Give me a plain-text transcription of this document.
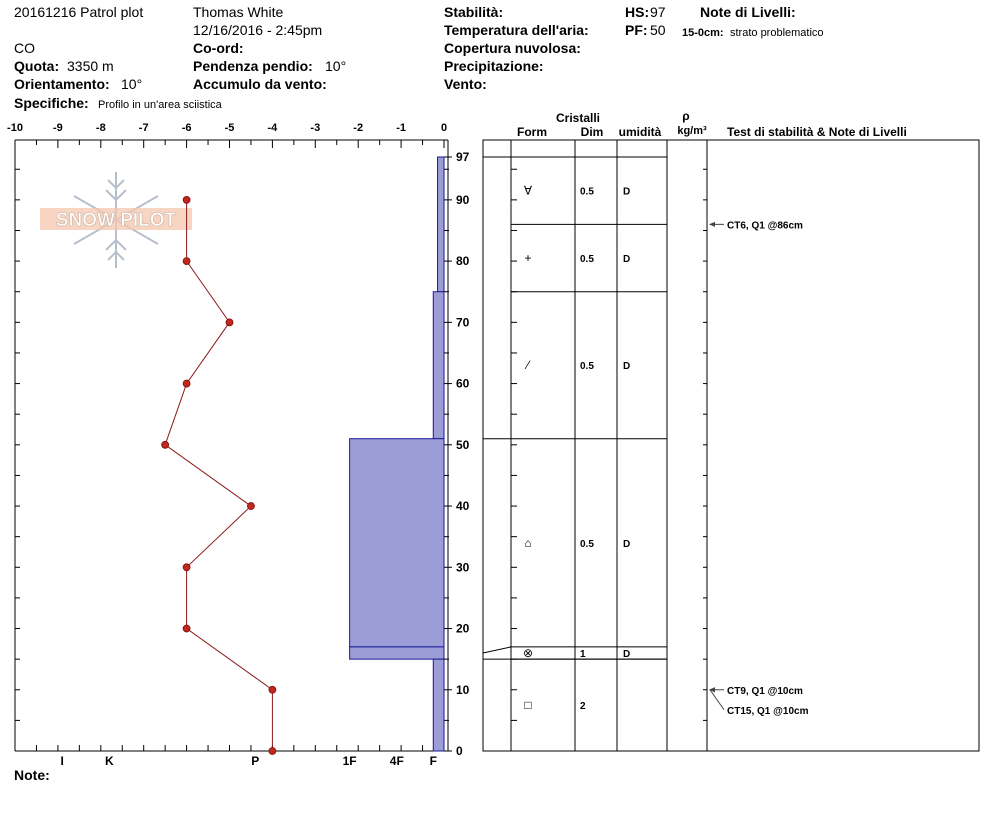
20161216 Patrol plot	Thomas White
12/16/2016 - 2:45pm
CO	Co-ord:
Quota: 3350 m	Pendenza pendio: 10°
Orientamento: 10°	Accumulo da vento:
Specifiche: Profilo in un'area sciistica
Stabilità:
Temperatura dell'aria:
Copertura nuvolosa:
Precipitazione:
Vento:
HS: 97
PF: 50
Note di Livelli:
15-0cm: strato problematico
Note:
SNOW PILOT
-10	-9	-8	-7	-6	-5	-4	-3	-2	-1	0
I	K	P	1F	4F F
0
10
20
30
40
50
60
70
80
90
97
∀	0.5	D
+	0.5	D
⁄	0.5	D
⌂	0.5	D
⊗	1	D
□	2
CT6, Q1 @86cm
CT9, Q1 @10cm
CT15, Q1 @10cm
Cristalli
Form	Dim umidità
ρ
kg/m³ Test di stabilità & Note di Livelli
